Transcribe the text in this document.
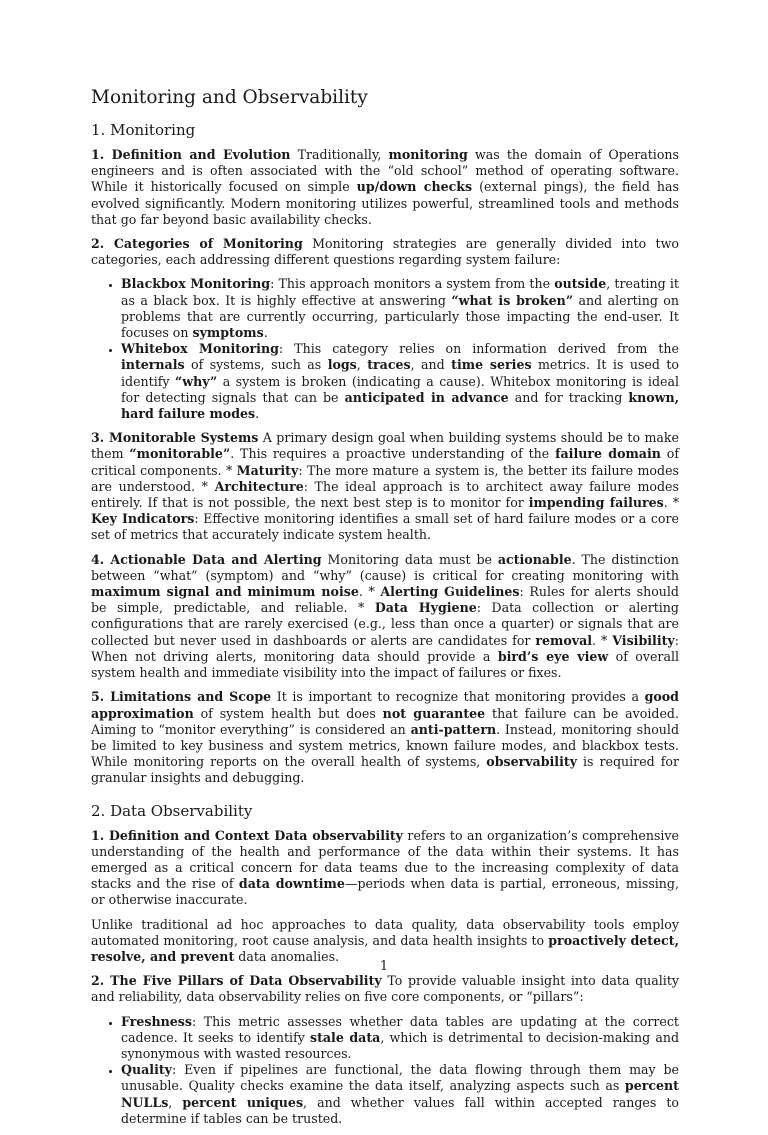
Monitoring and Observability
1. Monitoring

1. Definition and Evolution Traditionally, monitoring was the domain of Operations engineers and is often associated with the “old school” method of operating software. While it historically focused on simple up/down checks (external pings), the field has evolved significantly. Modern monitoring utilizes powerful, streamlined tools and methods that go far beyond basic availability checks.

2. Categories of Monitoring Monitoring strategies are generally divided into two categories, each addressing different questions regarding system failure:

• Blackbox Monitoring: This approach monitors a system from the outside, treating it as a black box. It is highly effective at answering “what is broken” and alerting on problems that are currently occurring, particularly those impacting the end-user. It focuses on symptoms.
• Whitebox Monitoring: This category relies on information derived from the internals of systems, such as logs, traces, and time series metrics. It is used to identify “why” a system is broken (indicating a cause). Whitebox monitoring is ideal for detecting signals that can be anticipated in advance and for tracking known, hard failure modes.

3. Monitorable Systems A primary design goal when building systems should be to make them “monitorable”. This requires a proactive understanding of the failure domain of critical components. * Maturity: The more mature a system is, the better its failure modes are understood. * Architecture: The ideal approach is to architect away failure modes entirely. If that is not possible, the next best step is to monitor for impending failures. * Key Indicators: Effective monitoring identifies a small set of hard failure modes or a core set of metrics that accurately indicate system health.

4. Actionable Data and Alerting Monitoring data must be actionable. The distinction between “what” (symptom) and “why” (cause) is critical for creating monitoring with maximum signal and minimum noise. * Alerting Guidelines: Rules for alerts should be simple, predictable, and reliable. * Data Hygiene: Data collection or alerting configurations that are rarely exercised (e.g., less than once a quarter) or signals that are collected but never used in dashboards or alerts are candidates for removal. * Visibility: When not driving alerts, monitoring data should provide a bird’s eye view of overall system health and immediate visibility into the impact of failures or fixes.

5. Limitations and Scope It is important to recognize that monitoring provides a good approximation of system health but does not guarantee that failure can be avoided. Aiming to “monitor everything” is considered an anti-pattern. Instead, monitoring should be limited to key business and system metrics, known failure modes, and blackbox tests. While monitoring reports on the overall health of systems, observability is required for granular insights and debugging.

2. Data Observability

1. Definition and Context Data observability refers to an organization’s comprehensive understanding of the health and performance of the data within their systems. It has emerged as a critical concern for data teams due to the increasing complexity of data stacks and the rise of data downtime—periods when data is partial, erroneous, missing, or otherwise inaccurate.

Unlike traditional ad hoc approaches to data quality, data observability tools employ automated monitoring, root cause analysis, and data health insights to proactively detect, resolve, and prevent data anomalies.

2. The Five Pillars of Data Observability To provide valuable insight into data quality and reliability, data observability relies on five core components, or “pillars”:

• Freshness: This metric assesses whether data tables are updating at the correct cadence. It seeks to identify stale data, which is detrimental to decision-making and synonymous with wasted resources.
• Quality: Even if pipelines are functional, the data flowing through them may be unusable. Quality checks examine the data itself, analyzing aspects such as percent NULLs, percent uniques, and whether values fall within accepted ranges to determine if tables can be trusted.
1
